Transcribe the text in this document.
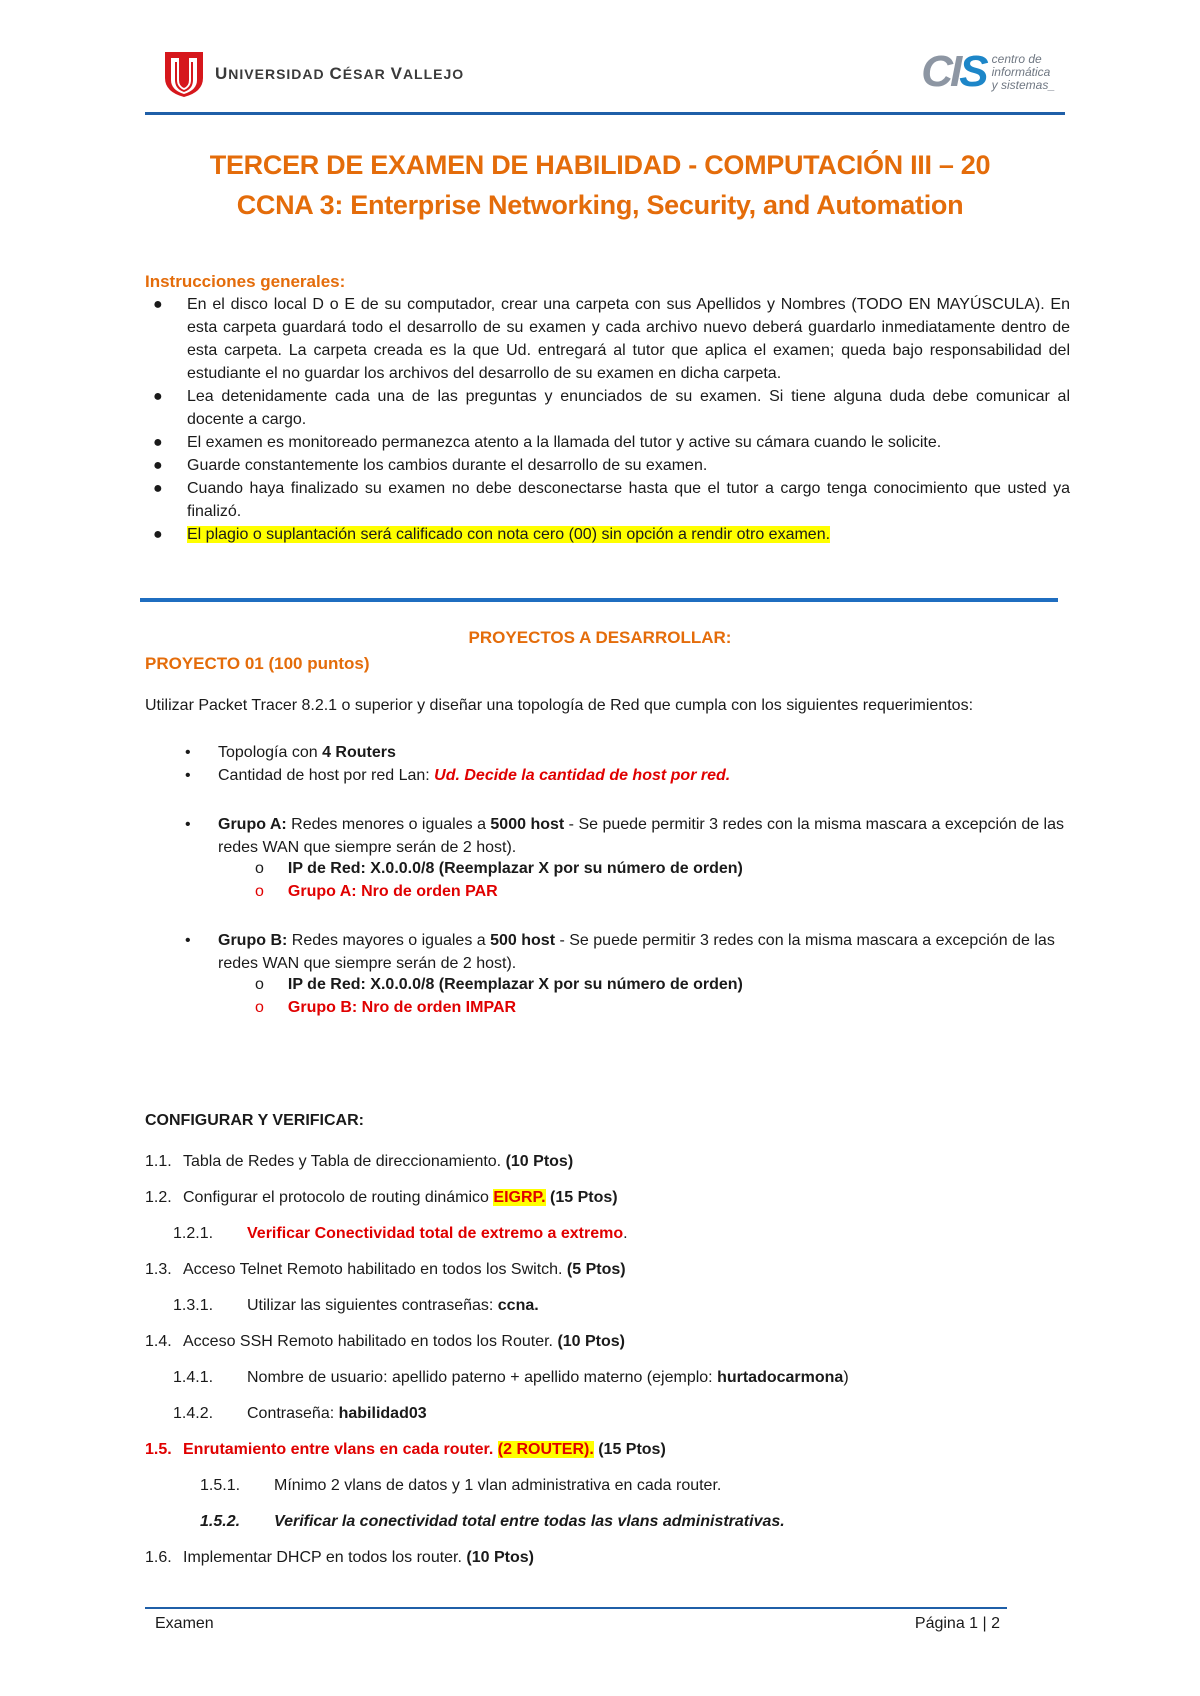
UNIVERSIDAD CÉSAR VALLEJO	CIS centro de
informática
y sistemas_
TERCER DE EXAMEN DE HABILIDAD - COMPUTACIÓN III – 20
CCNA 3: Enterprise Networking, Security, and Automation
Instrucciones generales:
● En el disco local D o E de su computador, crear una carpeta con sus Apellidos y Nombres (TODO EN MAYÚSCULA). En esta carpeta guardará todo el desarrollo de su examen y cada archivo nuevo deberá guardarlo inmediatamente dentro de esta carpeta. La carpeta creada es la que Ud. entregará al tutor que aplica el examen; queda bajo responsabilidad del estudiante el no guardar los archivos del desarrollo de su examen en dicha carpeta.
● Lea detenidamente cada una de las preguntas y enunciados de su examen. Si tiene alguna duda debe comunicar al docente a cargo.
● El examen es monitoreado permanezca atento a la llamada del tutor y active su cámara cuando le solicite.
● Guarde constantemente los cambios durante el desarrollo de su examen.
● Cuando haya finalizado su examen no debe desconectarse hasta que el tutor a cargo tenga conocimiento que usted ya finalizó.
● El plagio o suplantación será calificado con nota cero (00) sin opción a rendir otro examen.
PROYECTOS A DESARROLLAR:
PROYECTO 01 (100 puntos)
Utilizar Packet Tracer 8.2.1 o superior y diseñar una topología de Red que cumpla con los siguientes requerimientos:
• Topología con 4 Routers
• Cantidad de host por red Lan: Ud. Decide la cantidad de host por red.
• Grupo A: Redes menores o iguales a 5000 host - Se puede permitir 3 redes con la misma mascara a excepción de las redes WAN que siempre serán de 2 host).
o IP de Red: X.0.0.0/8 (Reemplazar X por su número de orden)
o Grupo A: Nro de orden PAR
• Grupo B: Redes mayores o iguales a 500 host - Se puede permitir 3 redes con la misma mascara a excepción de las redes WAN que siempre serán de 2 host).
o IP de Red: X.0.0.0/8 (Reemplazar X por su número de orden)
o Grupo B: Nro de orden IMPAR
CONFIGURAR Y VERIFICAR:
1.1. Tabla de Redes y Tabla de direccionamiento. (10 Ptos)
1.2. Configurar el protocolo de routing dinámico EIGRP. (15 Ptos)
1.2.1. Verificar Conectividad total de extremo a extremo.
1.3. Acceso Telnet Remoto habilitado en todos los Switch. (5 Ptos)
1.3.1. Utilizar las siguientes contraseñas: ccna.
1.4. Acceso SSH Remoto habilitado en todos los Router. (10 Ptos)
1.4.1. Nombre de usuario: apellido paterno + apellido materno (ejemplo: hurtadocarmona)
1.4.2. Contraseña: habilidad03
1.5. Enrutamiento entre vlans en cada router. (2 ROUTER). (15 Ptos)
1.5.1. Mínimo 2 vlans de datos y 1 vlan administrativa en cada router.
1.5.2. Verificar la conectividad total entre todas las vlans administrativas.
1.6. Implementar DHCP en todos los router. (10 Ptos)
Examen	Página 1 | 2
